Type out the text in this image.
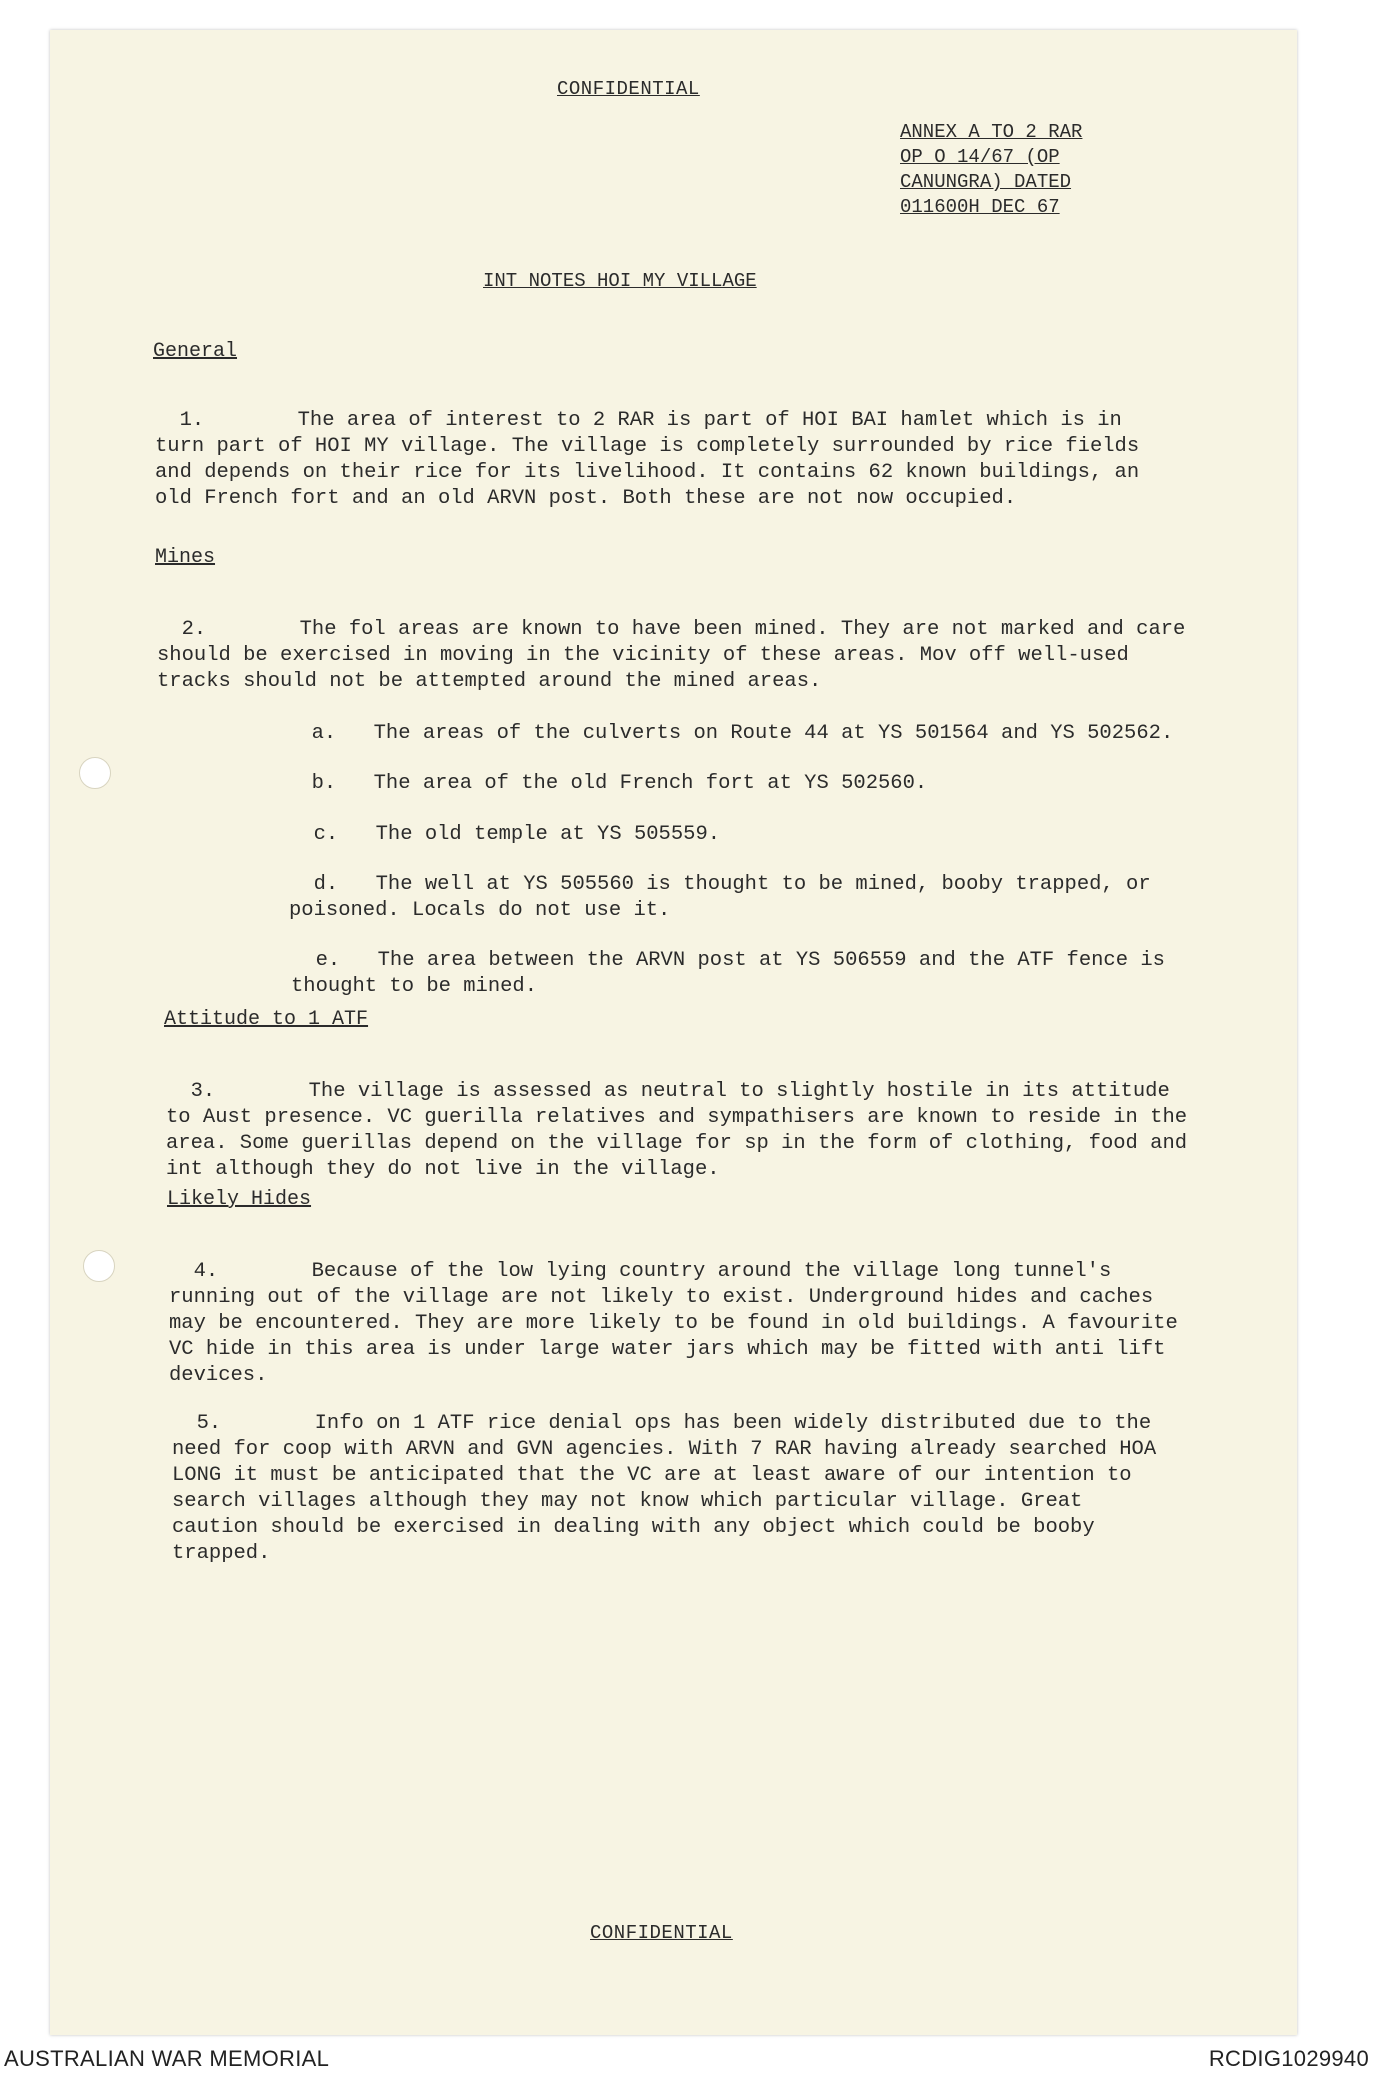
CONFIDENTIAL
ANNEX A TO 2 RAR
OP O 14/67 (OP
CANUNGRA) DATED
011600H DEC 67
INT NOTES HOI MY VILLAGE
General

1.	The area of interest to 2 RAR is part of HOI BAI hamlet which is in turn part of HOI MY village. The village is completely surrounded by rice fields and depends on their rice for its livelihood. It contains 62 known buildings, an old French fort and an old ARVN post. Both these are not now occupied.

Mines

2.	The fol areas are known to have been mined. They are not marked and care should be exercised in moving in the vicinity of these areas. Mov off well-used tracks should not be attempted around the mined areas.

a. The areas of the culverts on Route 44 at YS 501564 and YS 502562.

b. The area of the old French fort at YS 502560.

c. The old temple at YS 505559.

d. The well at YS 505560 is thought to be mined, booby trapped, or poisoned. Locals do not use it.

e. The area between the ARVN post at YS 506559 and the ATF fence is thought to be mined.

Attitude to 1 ATF

3.	The village is assessed as neutral to slightly hostile in its attitude to Aust presence. VC guerilla relatives and sympathisers are known to reside in the area. Some guerillas depend on the village for sp in the form of clothing, food and int although they do not live in the village.

Likely Hides

4.	Because of the low lying country around the village long tunnel's running out of the village are not likely to exist. Underground hides and caches may be encountered. They are more likely to be found in old buildings. A favourite VC hide in this area is under large water jars which may be fitted with anti lift devices.

5.	Info on 1 ATF rice denial ops has been widely distributed due to the need for coop with ARVN and GVN agencies. With 7 RAR having already searched HOA LONG it must be anticipated that the VC are at least aware of our intention to search villages although they may not know which particular village. Great caution should be exercised in dealing with any object which could be booby trapped.

CONFIDENTIAL
AUSTRALIAN WAR MEMORIAL	RCDIG1029940
